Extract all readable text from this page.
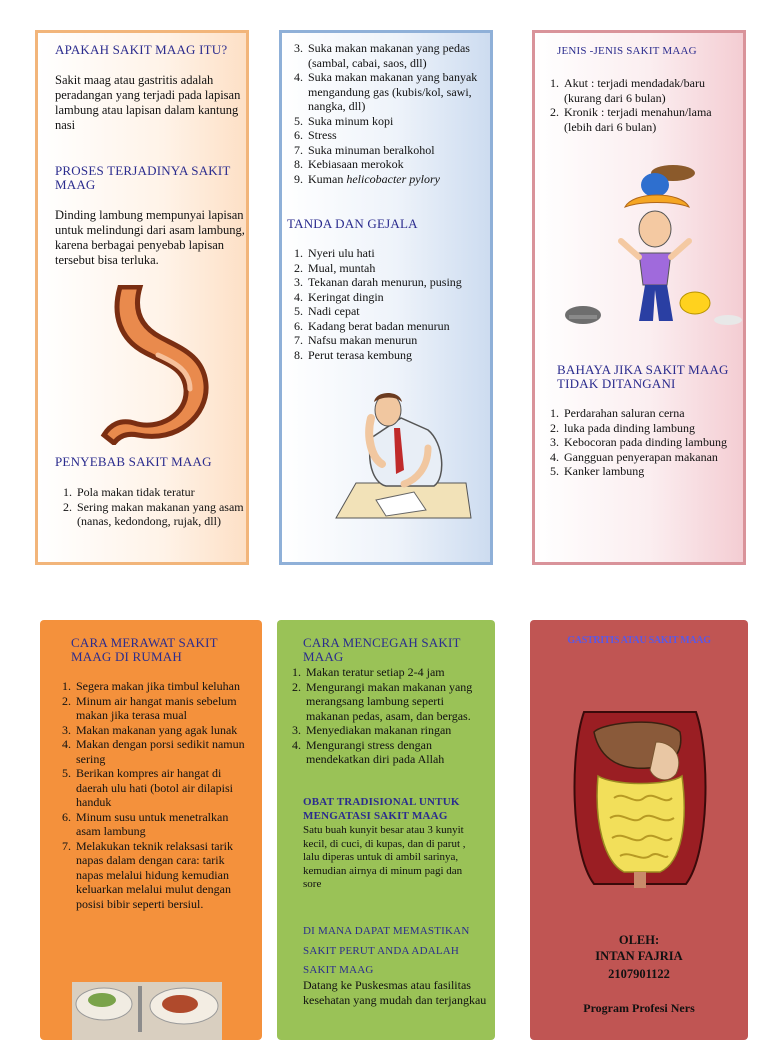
APAKAH SAKIT MAAG ITU?
Sakit maag atau gastritis adalah peradangan yang terjadi pada lapisan lambung atau lapisan dalam kantung nasi
PROSES TERJADINYA SAKIT MAAG
Dinding lambung mempunyai lapisan untuk melindungi dari asam lambung, karena berbagai penyebab lapisan tersebut bisa terluka.
PENYEBAB SAKIT MAAG
1. Pola makan tidak teratur
2. Sering makan makanan yang asam (nanas, kedondong, rujak, dll)
3. Suka makan makanan yang pedas (sambal, cabai, saos, dll)
4. Suka makan makanan yang banyak mengandung gas (kubis/kol, sawi, nangka, dll)
5. Suka minum kopi
6. Stress
7. Suka minuman beralkohol
8. Kebiasaan merokok
9. Kuman helicobacter pylory
TANDA DAN GEJALA
1. Nyeri ulu hati
2. Mual, muntah
3. Tekanan darah menurun, pusing
4. Keringat dingin
5. Nadi cepat
6. Kadang berat badan menurun
7. Nafsu makan menurun
8. Perut terasa kembung
JENIS -JENIS SAKIT MAAG
1. Akut : terjadi mendadak/baru (kurang dari 6 bulan)
2. Kronik : terjadi menahun/lama (lebih dari 6 bulan)
BAHAYA JIKA SAKIT MAAG TIDAK DITANGANI
1. Perdarahan saluran cerna
2. luka pada dinding lambung
3. Kebocoran pada dinding lambung
4. Gangguan penyerapan makanan
5. Kanker lambung
CARA MERAWAT SAKIT MAAG DI RUMAH
1. Segera makan jika timbul keluhan
2. Minum air hangat manis sebelum makan jika terasa mual
3. Makan makanan yang agak lunak
4. Makan dengan porsi sedikit namun sering
5. Berikan kompres air hangat di daerah ulu hati (botol air dilapisi handuk
6. Minum susu untuk menetralkan asam lambung
7. Melakukan teknik relaksasi tarik napas dalam dengan cara: tarik napas melalui hidung kemudian keluarkan melalui mulut dengan posisi bibir seperti bersiul.
CARA MENCEGAH SAKIT MAAG
1. Makan teratur setiap 2-4 jam
2. Mengurangi makan makanan yang merangsang lambung seperti makanan pedas, asam, dan bergas.
3. Menyediakan makanan ringan
4. Mengurangi stress dengan mendekatkan diri pada Allah
OBAT TRADISIONAL UNTUK MENGATASI SAKIT MAAG
Satu buah kunyit besar atau 3 kunyit kecil, di cuci, di kupas, dan di parut , lalu diperas untuk di ambil sarinya, kemudian airnya di minum pagi dan sore
DI MANA DAPAT MEMASTIKAN SAKIT PERUT ANDA ADALAH SAKIT MAAG
Datang ke Puskesmas atau fasilitas kesehatan yang mudah dan terjangkau
GASTRITIS ATAU SAKIT MAAG
OLEH:
INTAN FAJRIA
2107901122
Program Profesi Ners
